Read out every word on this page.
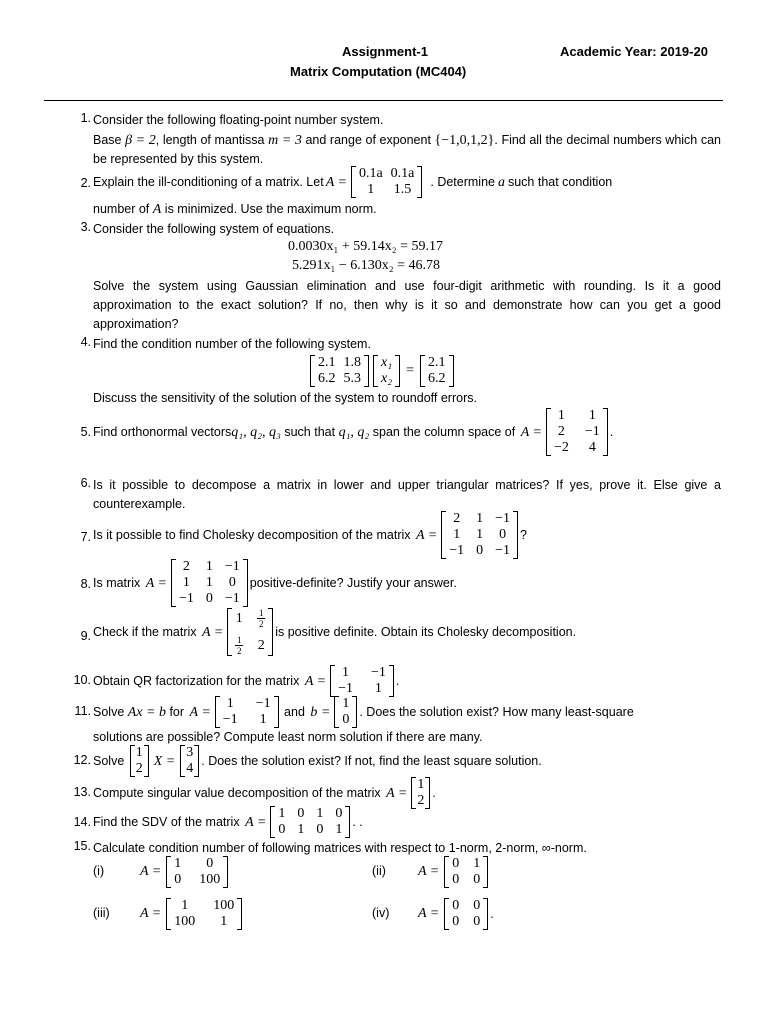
Assignment-1	Academic Year: 2019-20
Matrix Computation (MC404)
1. Consider the following floating-point number system.
Base β = 2, length of mantissa m = 3 and range of exponent {−1,0,1,2}. Find all the decimal numbers which can be represented by this system.
2. Explain the ill-conditioning of a matrix. Let A =
0.1a 0.1a
1	1.5
. Determine a such that condition
number of A is minimized. Use the maximum norm.
3. Consider the following system of equations.
0.0030x₁ + 59.14x₂ = 59.17
5.291x₁ − 6.130x₂ = 46.78
Solve the system using Gaussian elimination and use four-digit arithmetic with rounding. Is it a good approximation to the exact solution? If no, then why is it so and demonstrate how can you get a good approximation?
4. Find the condition number of the following system.
2.1 1.8
6.2 5.3
x₁
x₂
=
2.1
6.2
Discuss the sensitivity of the solution of the system to roundoff errors.
5. Find orthonormal vectors q₁, q₂, q₃ such that q₁, q₂ span the column space of A =
1 1
2 −1
−2 4
.
6. Is it possible to decompose a matrix in lower and upper triangular matrices? If yes, prove it. Else give a counterexample.
7. Is it possible to find Cholesky decomposition of the matrix A =
2 1 −1
1 1 0
−1 0 −1
?
8. Is matrix A =
2 1 −1
1 1 0
−1 0 −1
positive-definite? Justify your answer.
9. Check if the matrix A =
$1 \frac{1}{2}$
$\frac{1}{2} 2$
is positive definite. Obtain its Cholesky decomposition.
10. Obtain QR factorization for the matrix A =
1 −1
−1 1
.
11. Solve Ax = b for A =
1 −1
−1 1
and b =
1
0
. Does the solution exist? How many least-square
solutions are possible? Compute least norm solution if there are many.
12. Solve
1
2 X =
3
4
. Does the solution exist? If not, find the least square solution.
13. Compute singular value decomposition of the matrix A =
1
2
.
14. Find the SDV of the matrix A =
1 0 1 0
0 1 0 1
. .
15. Calculate condition number of following matrices with respect to 1-norm, 2-norm, ∞-norm.
(i)	A =
1	0
0 100
(ii) A =
0 1
0 0
(iii) A =
1	100
100	1
(iv) A =
0 0
0 0 .
